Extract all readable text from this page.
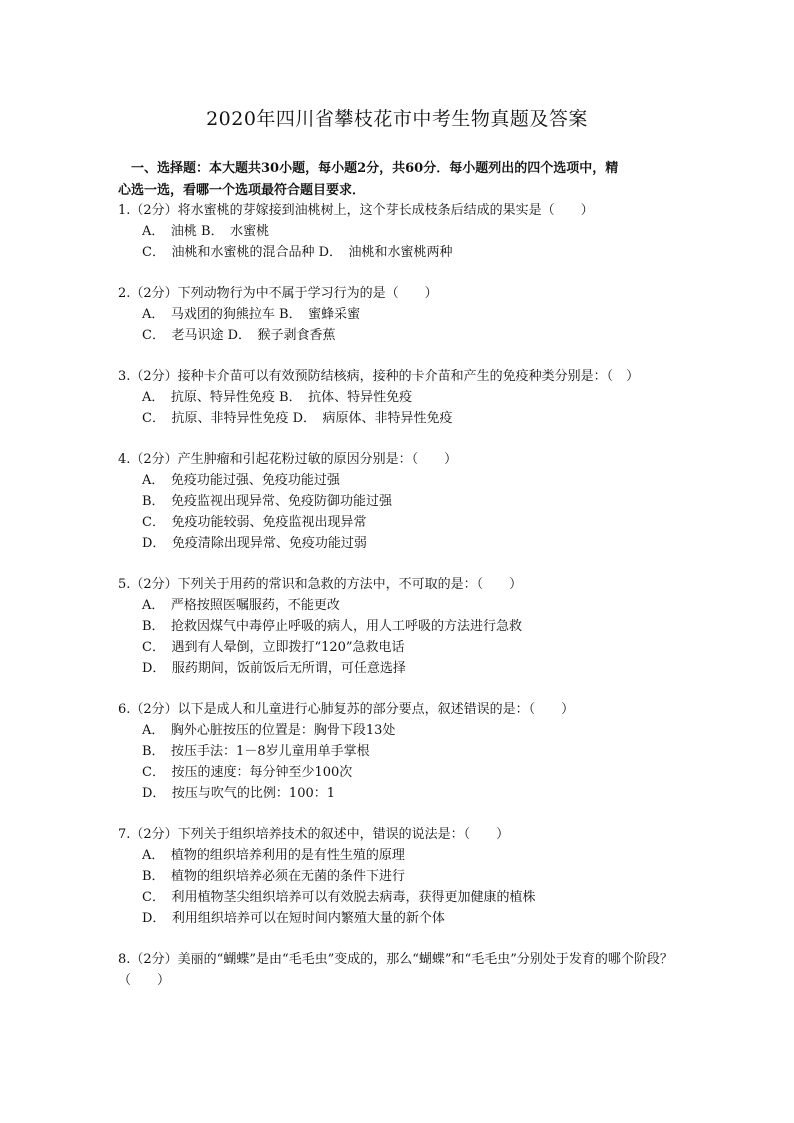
2020年四川省攀枝花市中考生物真题及答案
一、选择题：本大题共30小题，每小题2分，共60分．每小题列出的四个选项中，精
心选一选，看哪一个选项最符合题目要求．
1.（2分）将水蜜桃的芽嫁接到油桃树上，这个芽长成枝条后结成的果实是（　　）
A．　油桃 B．　水蜜桃
C．　油桃和水蜜桃的混合品种 D．　油桃和水蜜桃两种
2.（2分）下列动物行为中不属于学习行为的是（　　）
A．　马戏团的狗熊拉车 B．　蜜蜂采蜜
C．　老马识途 D．　猴子剥食香蕉
3.（2分）接种卡介苗可以有效预防结核病，接种的卡介苗和产生的免疫种类分别是：（　）
A．　抗原、特异性免疫 B．　抗体、特异性免疫
C．　抗原、非特异性免疫 D．　病原体、非特异性免疫
4.（2分）产生肿瘤和引起花粉过敏的原因分别是：（　　）
A．　免疫功能过强、免疫功能过强
B．　免疫监视出现异常、免疫防御功能过强
C．　免疫功能较弱、免疫监视出现异常
D．　免疫清除出现异常、免疫功能过弱
5.（2分）下列关于用药的常识和急救的方法中，不可取的是：（　　）
A．　严格按照医嘱服药，不能更改
B．　抢救因煤气中毒停止呼吸的病人，用人工呼吸的方法进行急救
C．　遇到有人晕倒，立即拨打“120”急救电话
D．　服药期间，饭前饭后无所谓，可任意选择
6.（2分）以下是成人和儿童进行心肺复苏的部分要点，叙述错误的是：（　　）
A．　胸外心脏按压的位置是：胸骨下段13处
B．　按压手法：1－8岁儿童用单手掌根
C．　按压的速度：每分钟至少100次
D．　按压与吹气的比例：100：1
7.（2分）下列关于组织培养技术的叙述中，错误的说法是：（　　）
A．　植物的组织培养利用的是有性生殖的原理
B．　植物的组织培养必须在无菌的条件下进行
C．　利用植物茎尖组织培养可以有效脱去病毒，获得更加健康的植株
D．　利用组织培养可以在短时间内繁殖大量的新个体
8.（2分）美丽的“蝴蝶”是由“毛毛虫”变成的，那么“蝴蝶”和“毛毛虫”分别处于发育的哪个阶段？（　　）
